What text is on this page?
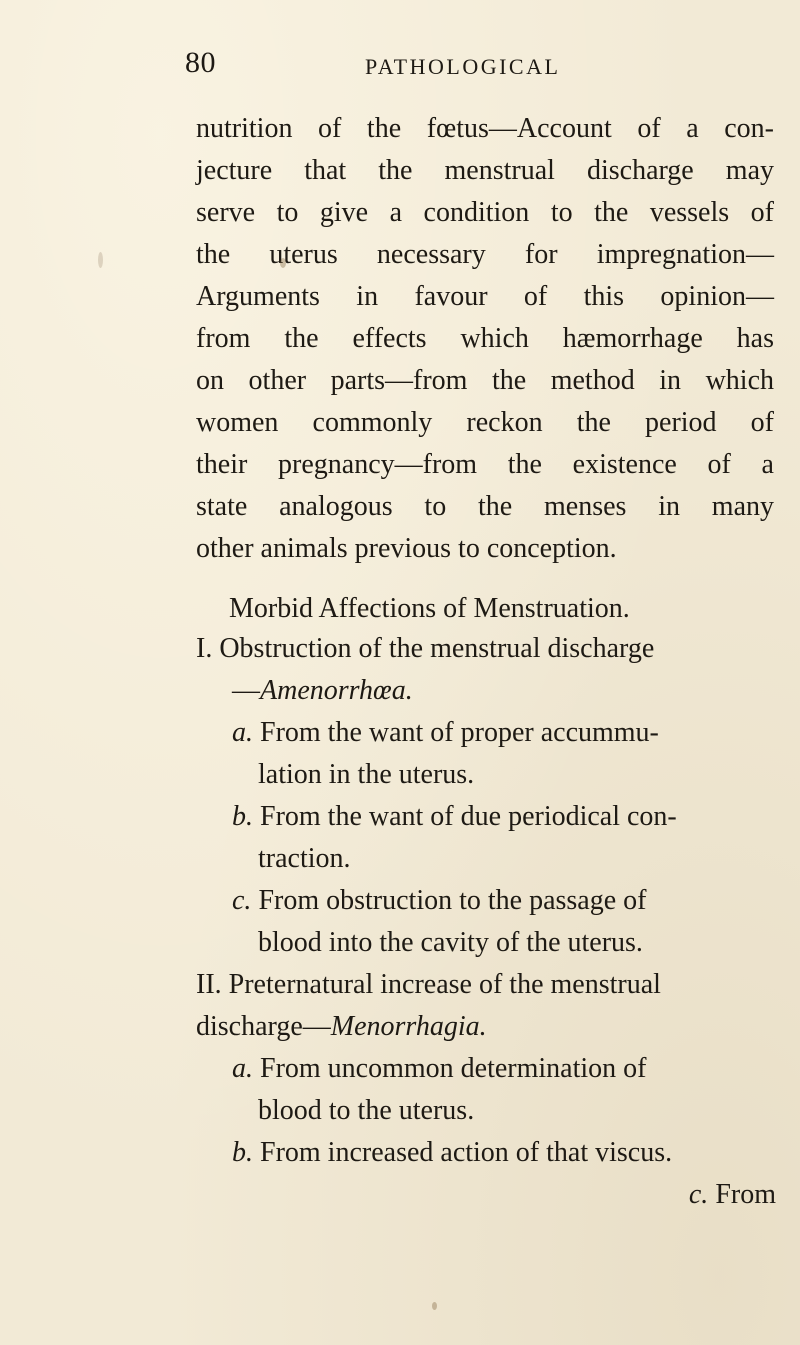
80	PATHOLOGICAL
nutrition of the fœtus—Account of a con-
jecture that the menstrual discharge may
serve to give a condition to the vessels of
the uterus necessary for impregnation—
Arguments in favour of this opinion—
from the effects which hæmorrhage has
on other parts—from the method in which
women commonly reckon the period of
their pregnancy—from the existence of a
state analogous to the menses in many
other animals previous to conception.
Morbid Affections of Menstruation.
I. Obstruction of the menstrual discharge
—Amenorrhœa.
a. From the want of proper accummu-
lation in the uterus.
b. From the want of due periodical con-
traction.
c. From obstruction to the passage of
blood into the cavity of the uterus.
II. Preternatural increase of the menstrual
discharge—Menorrhagia.
a. From uncommon determination of
blood to the uterus.
b. From increased action of that viscus.
c. From
